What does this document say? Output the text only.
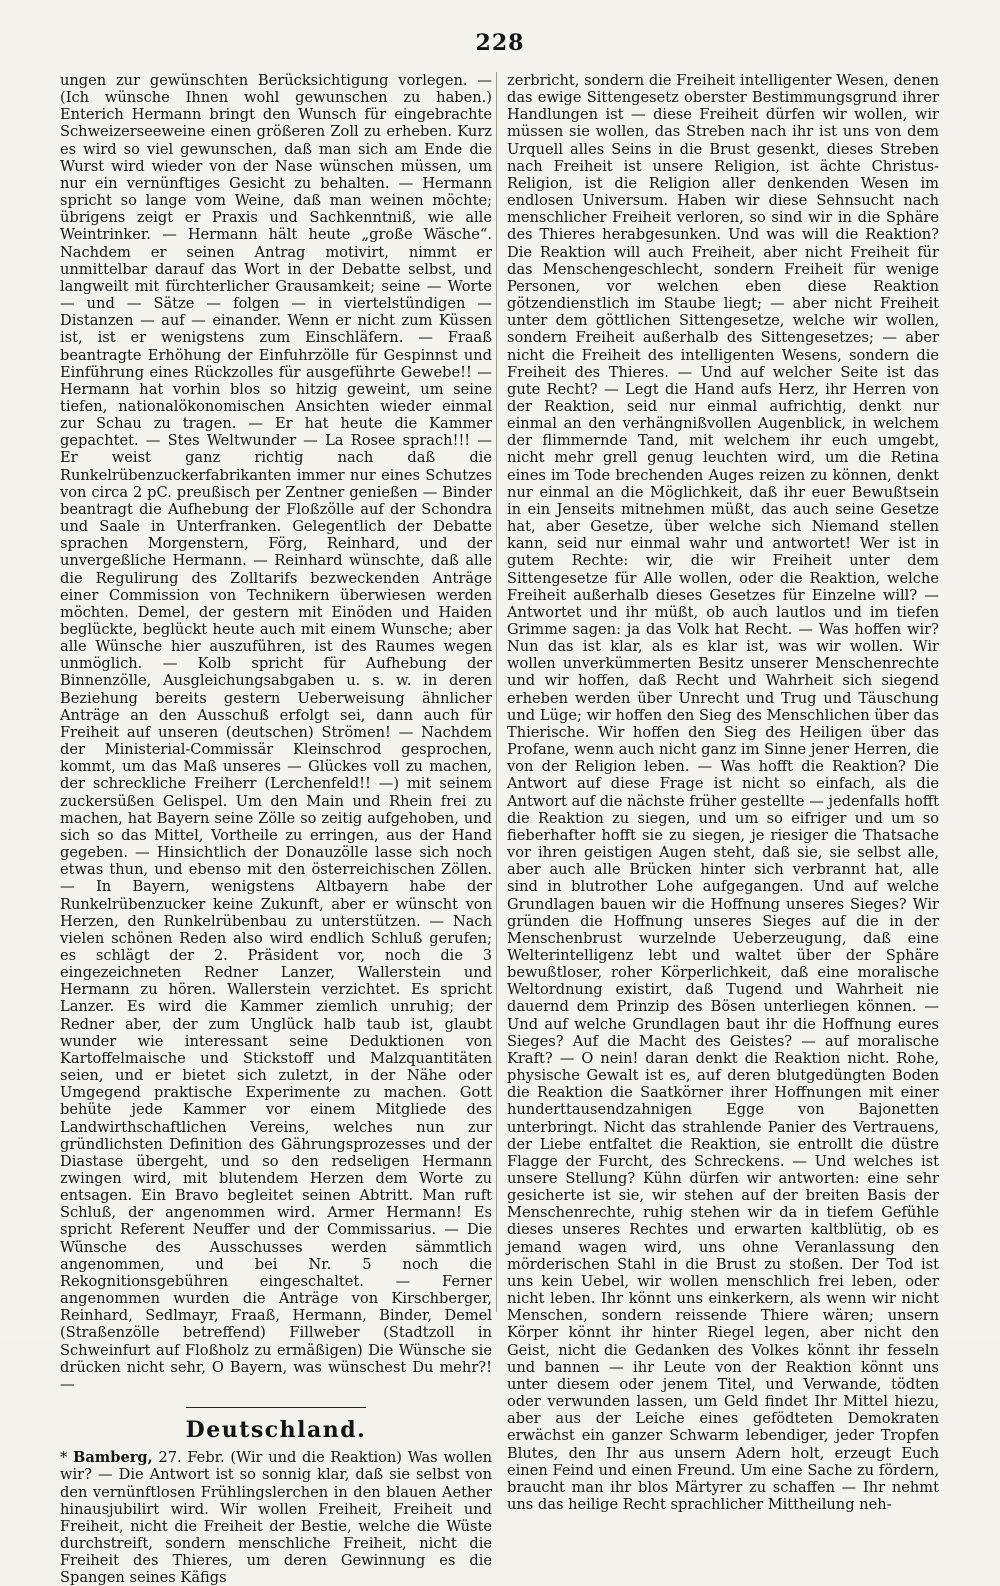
228

ungen zur gewünschten Berücksichtigung vorlegen. — (Ich wünsche Ihnen wohl gewunschen zu haben.) Enterich Hermann bringt den Wunsch für eingebrachte Schweizerseeweine einen größeren Zoll zu erheben. Kurz es wird so viel gewunschen, daß man sich am Ende die Wurst wird wieder von der Nase wünschen müssen, um nur ein vernünftiges Gesicht zu behalten. — Hermann spricht so lange vom Weine, daß man weinen möchte; übrigens zeigt er Praxis und Sachkenntniß, wie alle Weintrinker. — Hermann hält heute „große Wäsche“. Nachdem er seinen Antrag motivirt, nimmt er unmittelbar darauf das Wort in der Debatte selbst, und langweilt mit fürchterlicher Grausamkeit; seine — Worte — und — Sätze — folgen — in viertelstündigen — Distanzen — auf — einander. Wenn er nicht zum Küssen ist, ist er wenigstens zum Einschläfern. — Fraaß beantragte Erhöhung der Einfuhrzölle für Gespinnst und Einführung eines Rückzolles für ausgeführte Gewebe!! — Hermann hat vorhin blos so hitzig geweint, um seine tiefen, nationalökonomischen Ansichten wieder einmal zur Schau zu tragen. — Er hat heute die Kammer gepachtet. — Stes Weltwunder — La Rosee sprach!!! — Er weist ganz richtig nach daß die Runkelrübenzuckerfabrikanten immer nur eines Schutzes von circa 2 pC. preußisch per Zentner genießen — Binder beantragt die Aufhebung der Floßzölle auf der Schondra und Saale in Unterfranken. Gelegentlich der Debatte sprachen Morgenstern, Förg, Reinhard, und der unvergeßliche Hermann. — Reinhard wünschte, daß alle die Regulirung des Zolltarifs bezweckenden Anträge einer Commission von Technikern überwiesen werden möchten. Demel, der gestern mit Einöden und Haiden beglückte, beglückt heute auch mit einem Wunsche; aber alle Wünsche hier auszuführen, ist des Raumes wegen unmöglich. — Kolb spricht für Aufhebung der Binnenzölle, Ausgleichungsabgaben u. s. w. in deren Beziehung bereits gestern Ueberweisung ähnlicher Anträge an den Ausschuß erfolgt sei, dann auch für Freiheit auf unseren (deutschen) Strömen! — Nachdem der Ministerial-Commissär Kleinschrod gesprochen, kommt, um das Maß unseres — Glückes voll zu machen, der schreckliche Freiherr (Lerchenfeld!! —) mit seinem zuckersüßen Gelispel. Um den Main und Rhein frei zu machen, hat Bayern seine Zölle so zeitig aufgehoben, und sich so das Mittel, Vortheile zu erringen, aus der Hand gegeben. — Hinsichtlich der Donauzölle lasse sich noch etwas thun, und ebenso mit den österreichischen Zöllen. — In Bayern, wenigstens Altbayern habe der Runkelrübenzucker keine Zukunft, aber er wünscht von Herzen, den Runkelrübenbau zu unterstützen. — Nach vielen schönen Reden also wird endlich Schluß gerufen; es schlägt der 2. Präsident vor, noch die 3 eingezeichneten Redner Lanzer, Wallerstein und Hermann zu hören. Wallerstein verzichtet. Es spricht Lanzer. Es wird die Kammer ziemlich unruhig; der Redner aber, der zum Unglück halb taub ist, glaubt wunder wie interessant seine Deduktionen von Kartoffelmaische und Stickstoff und Malzquantitäten seien, und er bietet sich zuletzt, in der Nähe oder Umgegend praktische Experimente zu machen. Gott behüte jede Kammer vor einem Mitgliede des Landwirthschaftlichen Vereins, welches nun zur gründlichsten Definition des Gährungsprozesses und der Diastase übergeht, und so den redseligen Hermann zwingen wird, mit blutendem Herzen dem Worte zu entsagen. Ein Bravo begleitet seinen Abtritt. Man ruft Schluß, der angenommen wird. Armer Hermann! Es spricht Referent Neuffer und der Commissarius. — Die Wünsche des Ausschusses werden sämmtlich angenommen, und bei Nr. 5 noch die Rekognitionsgebühren eingeschaltet. — Ferner angenommen wurden die Anträge von Kirschberger, Reinhard, Sedlmayr, Fraaß, Hermann, Binder, Demel (Straßenzölle betreffend) Fillweber (Stadtzoll in Schweinfurt auf Floßholz zu ermäßigen) Die Wünsche sie drücken nicht sehr, O Bayern, was wünschest Du mehr?! —

Deutschland.

* Bamberg, 27. Febr. (Wir und die Reaktion) Was wollen wir? — Die Antwort ist so sonnig klar, daß sie selbst von den vernünftlosen Frühlingslerchen in den blauen Aether hinausjubilirt wird. Wir wollen Freiheit, Freiheit und Freiheit, nicht die Freiheit der Bestie, welche die Wüste durchstreift, sondern menschliche Freiheit, nicht die Freiheit des Thieres, um deren Gewinnung es die Spangen seines Käfigs

zerbricht, sondern die Freiheit intelligenter Wesen, denen das ewige Sittengesetz oberster Bestimmungsgrund ihrer Handlungen ist — diese Freiheit dürfen wir wollen, wir müssen sie wollen, das Streben nach ihr ist uns von dem Urquell alles Seins in die Brust gesenkt, dieses Streben nach Freiheit ist unsere Religion, ist ächte Christus-Religion, ist die Religion aller denkenden Wesen im endlosen Universum. Haben wir diese Sehnsucht nach menschlicher Freiheit verloren, so sind wir in die Sphäre des Thieres herabgesunken. Und was will die Reaktion? Die Reaktion will auch Freiheit, aber nicht Freiheit für das Menschengeschlecht, sondern Freiheit für wenige Personen, vor welchen eben diese Reaktion götzendienstlich im Staube liegt; — aber nicht Freiheit unter dem göttlichen Sittengesetze, welche wir wollen, sondern Freiheit außerhalb des Sittengesetzes; — aber nicht die Freiheit des intelligenten Wesens, sondern die Freiheit des Thieres. — Und auf welcher Seite ist das gute Recht? — Legt die Hand aufs Herz, ihr Herren von der Reaktion, seid nur einmal aufrichtig, denkt nur einmal an den verhängnißvollen Augenblick, in welchem der flimmernde Tand, mit welchem ihr euch umgebt, nicht mehr grell genug leuchten wird, um die Retina eines im Tode brechenden Auges reizen zu können, denkt nur einmal an die Möglichkeit, daß ihr euer Bewußtsein in ein Jenseits mitnehmen müßt, das auch seine Gesetze hat, aber Gesetze, über welche sich Niemand stellen kann, seid nur einmal wahr und antwortet! Wer ist in gutem Rechte: wir, die wir Freiheit unter dem Sittengesetze für Alle wollen, oder die Reaktion, welche Freiheit außerhalb dieses Gesetzes für Einzelne will? — Antwortet und ihr müßt, ob auch lautlos und im tiefen Grimme sagen: ja das Volk hat Recht. — Was hoffen wir? Nun das ist klar, als es klar ist, was wir wollen. Wir wollen unverkümmerten Besitz unserer Menschenrechte und wir hoffen, daß Recht und Wahrheit sich siegend erheben werden über Unrecht und Trug und Täuschung und Lüge; wir hoffen den Sieg des Menschlichen über das Thierische. Wir hoffen den Sieg des Heiligen über das Profane, wenn auch nicht ganz im Sinne jener Herren, die von der Religion leben. — Was hofft die Reaktion? Die Antwort auf diese Frage ist nicht so einfach, als die Antwort auf die nächste früher gestellte — jedenfalls hofft die Reaktion zu siegen, und um so eifriger und um so fieberhafter hofft sie zu siegen, je riesiger die Thatsache vor ihren geistigen Augen steht, daß sie, sie selbst alle, aber auch alle Brücken hinter sich verbrannt hat, alle sind in blutrother Lohe aufgegangen. Und auf welche Grundlagen bauen wir die Hoffnung unseres Sieges? Wir gründen die Hoffnung unseres Sieges auf die in der Menschenbrust wurzelnde Ueberzeugung, daß eine Welterintelligenz lebt und waltet über der Sphäre bewußtloser, roher Körperlichkeit, daß eine moralische Weltordnung existirt, daß Tugend und Wahrheit nie dauernd dem Prinzip des Bösen unterliegen können. — Und auf welche Grundlagen baut ihr die Hoffnung eures Sieges? Auf die Macht des Geistes? — auf moralische Kraft? — O nein! daran denkt die Reaktion nicht. Rohe, physische Gewalt ist es, auf deren blutgedüngten Boden die Reaktion die Saatkörner ihrer Hoffnungen mit einer hunderttausendzahnigen Egge von Bajonetten unterbringt. Nicht das strahlende Panier des Vertrauens, der Liebe entfaltet die Reaktion, sie entrollt die düstre Flagge der Furcht, des Schreckens. — Und welches ist unsere Stellung? Kühn dürfen wir antworten: eine sehr gesicherte ist sie, wir stehen auf der breiten Basis der Menschenrechte, ruhig stehen wir da in tiefem Gefühle dieses unseres Rechtes und erwarten kaltblütig, ob es jemand wagen wird, uns ohne Veranlassung den mörderischen Stahl in die Brust zu stoßen. Der Tod ist uns kein Uebel, wir wollen menschlich frei leben, oder nicht leben. Ihr könnt uns einkerkern, als wenn wir nicht Menschen, sondern reissende Thiere wären; unsern Körper könnt ihr hinter Riegel legen, aber nicht den Geist, nicht die Gedanken des Volkes könnt ihr fesseln und bannen — ihr Leute von der Reaktion könnt uns unter diesem oder jenem Titel, und Verwande, tödten oder verwunden lassen, um Geld findet Ihr Mittel hiezu, aber aus der Leiche eines gefödteten Demokraten erwächst ein ganzer Schwarm lebendiger, jeder Tropfen Blutes, den Ihr aus unsern Adern holt, erzeugt Euch einen Feind und einen Freund. Um eine Sache zu fördern, braucht man ihr blos Märtyrer zu schaffen — Ihr nehmt uns das heilige Recht sprachlicher Mittheilung neh-
